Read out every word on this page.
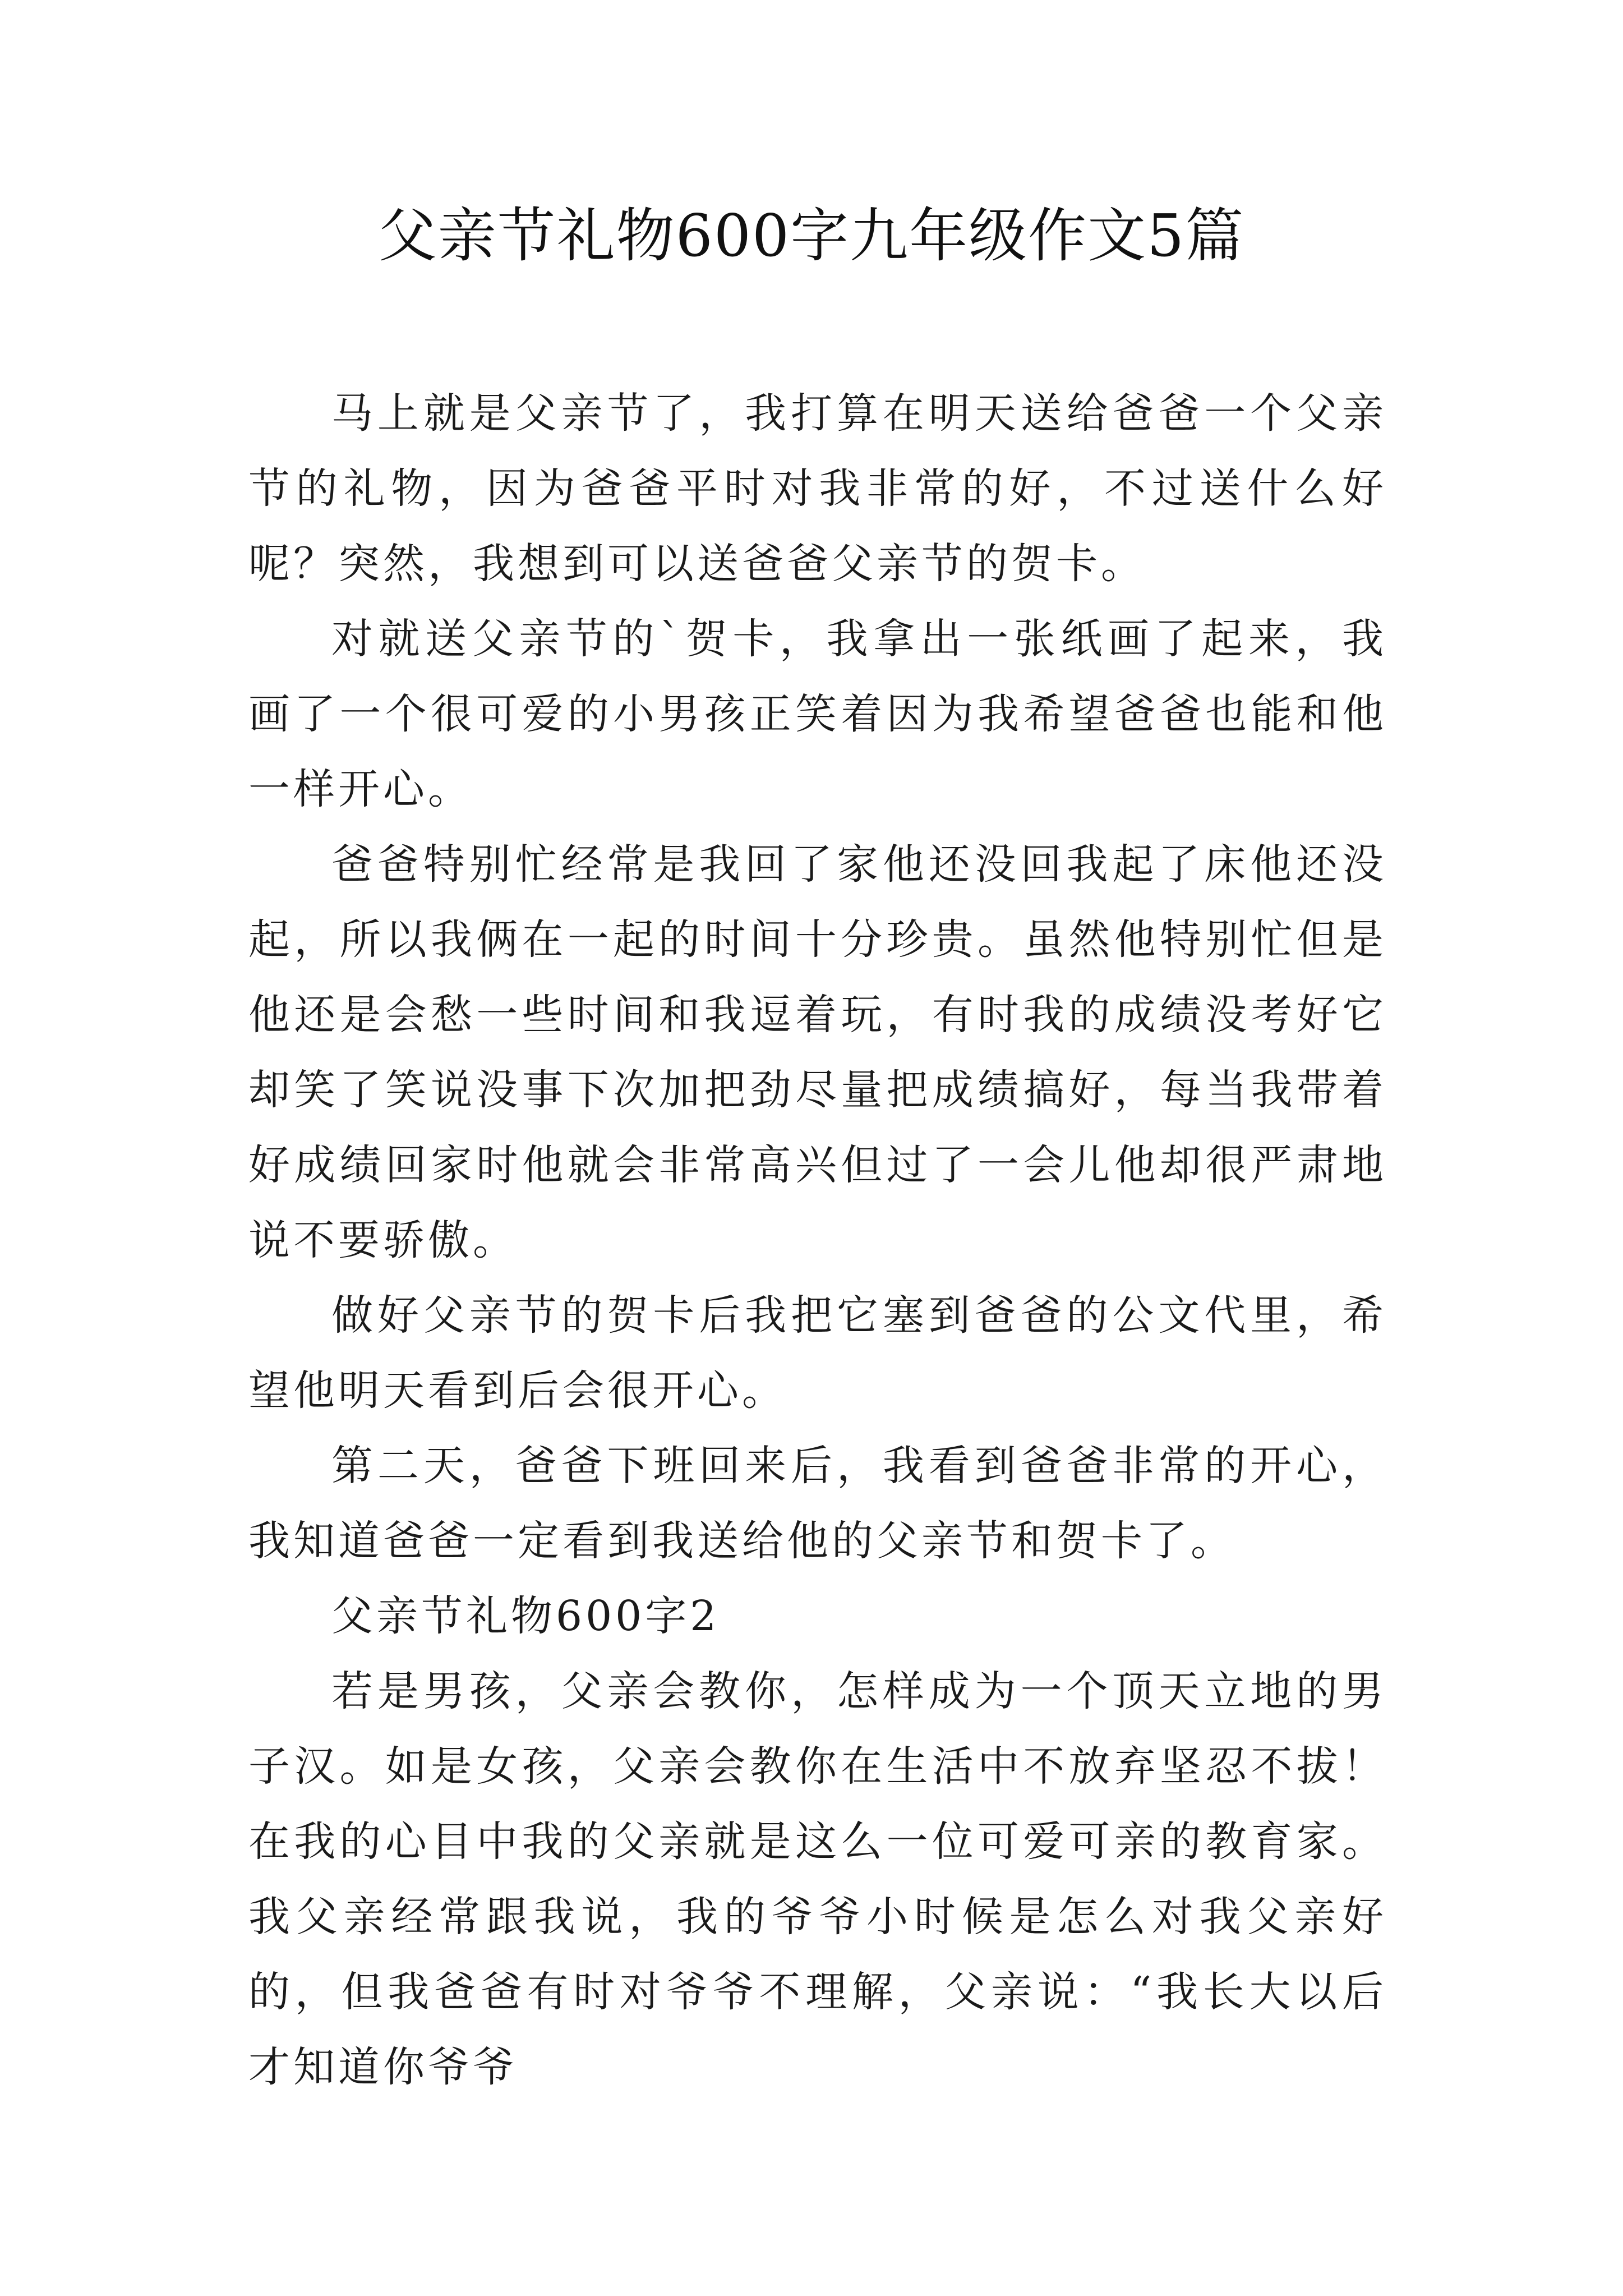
父亲节礼物600字九年级作文5篇

马上就是父亲节了，我打算在明天送给爸爸一个父亲节的礼物，因为爸爸平时对我非常的好，不过送什么好呢？突然，我想到可以送爸爸父亲节的贺卡。

对就送父亲节的`贺卡，我拿出一张纸画了起来，我画了一个很可爱的小男孩正笑着因为我希望爸爸也能和他一样开心。

爸爸特别忙经常是我回了家他还没回我起了床他还没起，所以我俩在一起的时间十分珍贵。虽然他特别忙但是他还是会愁一些时间和我逗着玩，有时我的成绩没考好它却笑了笑说没事下次加把劲尽量把成绩搞好，每当我带着好成绩回家时他就会非常高兴但过了一会儿他却很严肃地说不要骄傲。

做好父亲节的贺卡后我把它塞到爸爸的公文代里，希望他明天看到后会很开心。

第二天，爸爸下班回来后，我看到爸爸非常的开心，我知道爸爸一定看到我送给他的父亲节和贺卡了。

父亲节礼物600字2

若是男孩，父亲会教你，怎样成为一个顶天立地的男子汉。如是女孩，父亲会教你在生活中不放弃坚忍不拔！在我的心目中我的父亲就是这么一位可爱可亲的教育家。我父亲经常跟我说，我的爷爷小时候是怎么对我父亲好的，但我爸爸有时对爷爷不理解，父亲说：“我长大以后才知道你爷爷
